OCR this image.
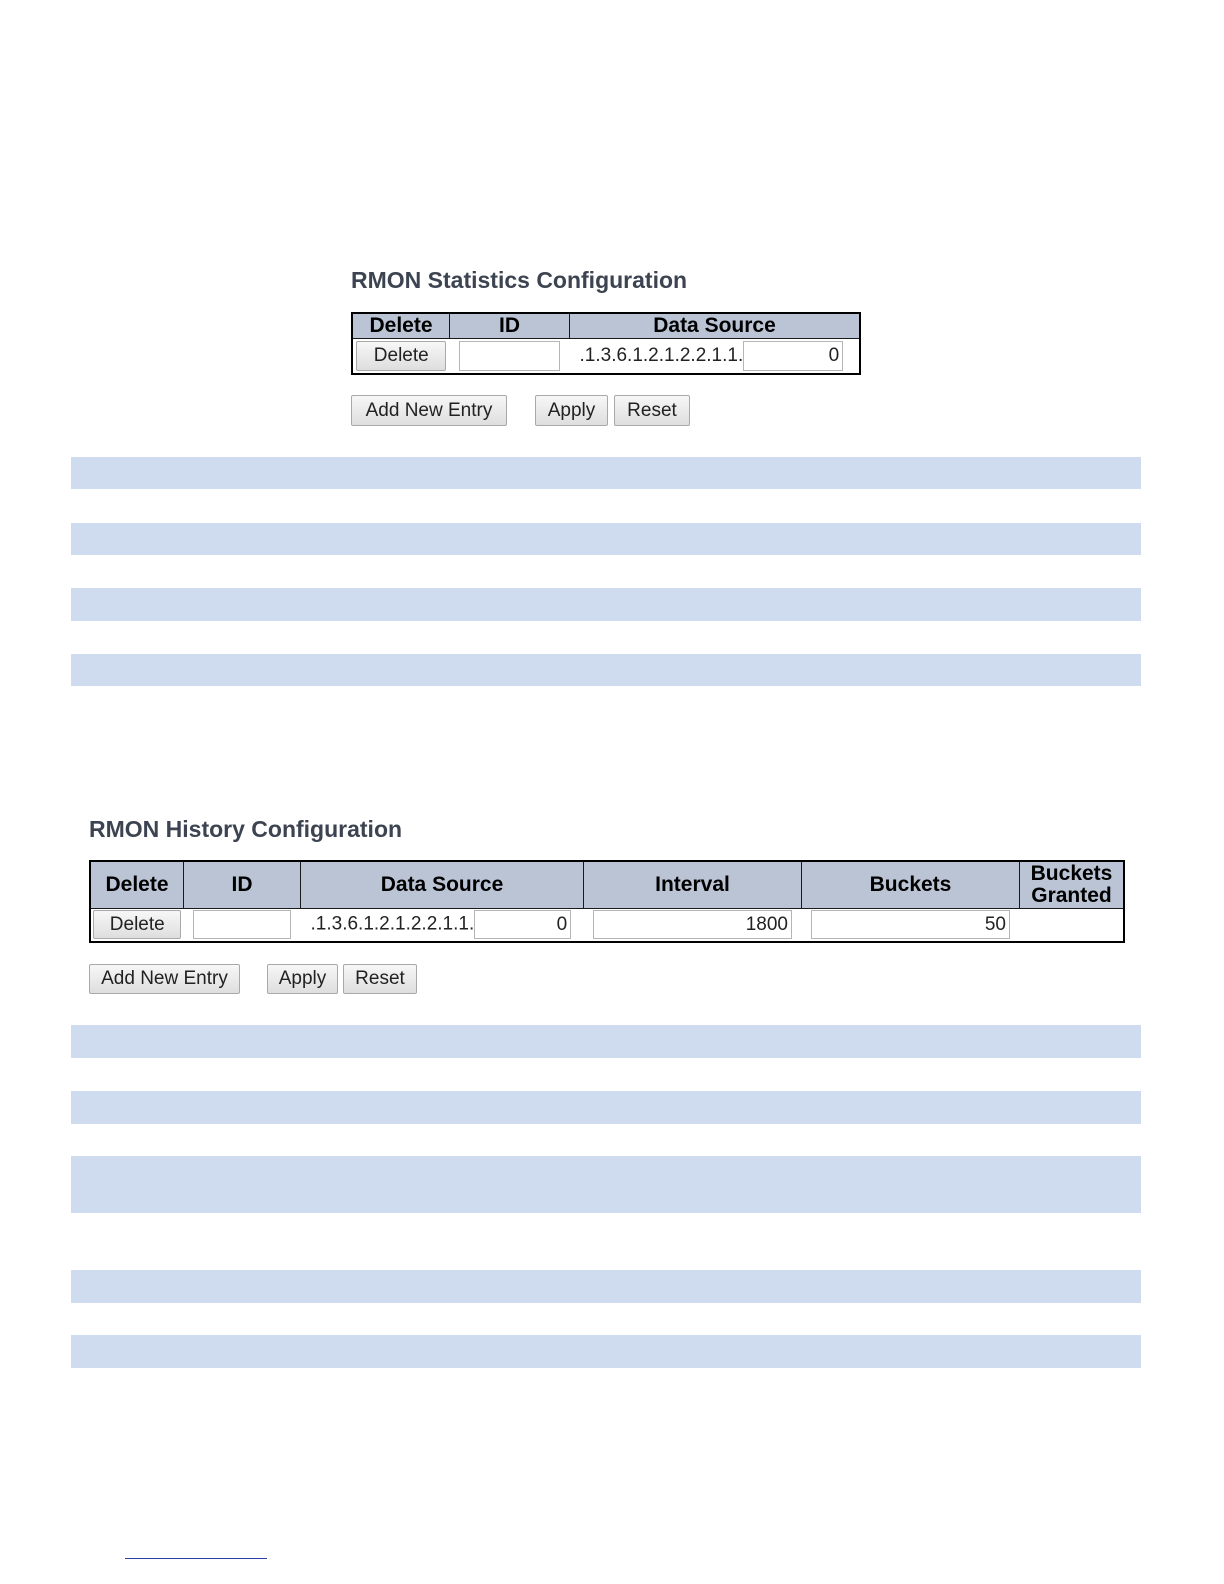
RMON Statistics Configuration
Delete	ID	Data Source
Delete		.1.3.6.1.2.1.2.2.1.1. 0
Add New Entry	Apply	Reset
RMON History Configuration
Delete	ID	Data Source	Interval	Buckets	Buckets
Granted

Delete		.1.3.6.1.2.1.2.2.1.1. 0	1800	50	
Add New Entry	Apply	Reset
